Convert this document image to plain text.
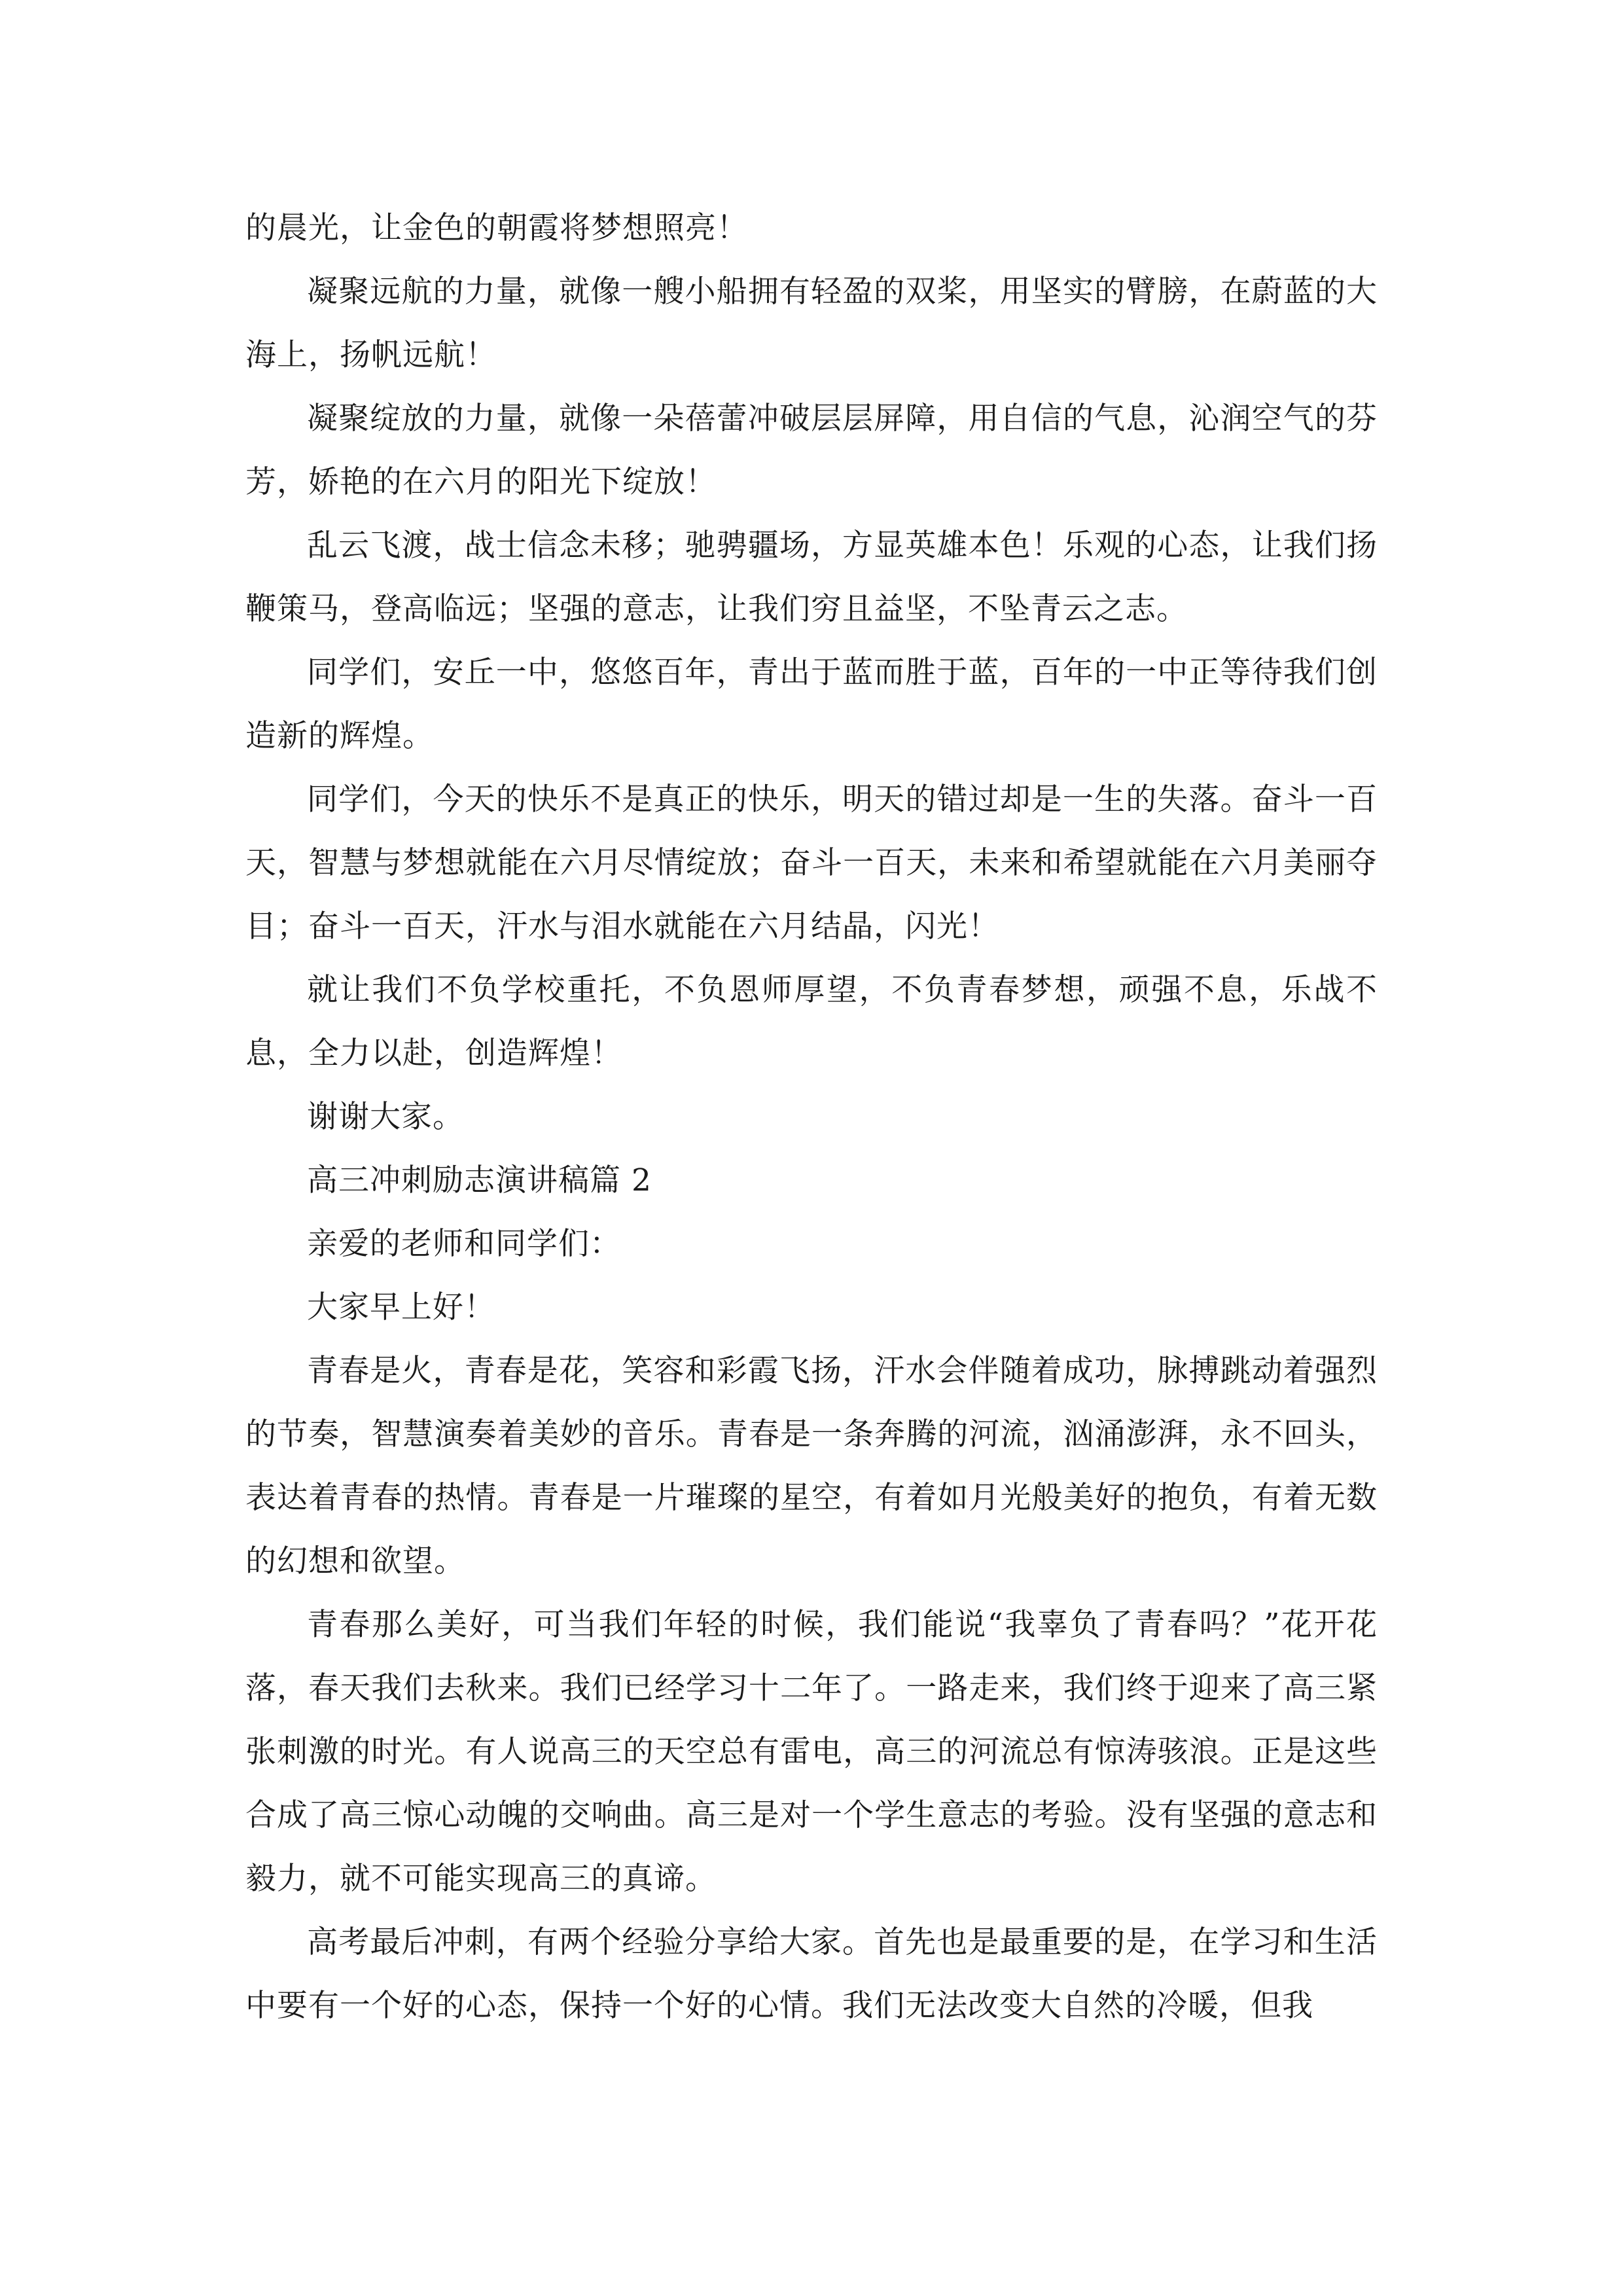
的晨光，让金色的朝霞将梦想照亮！

凝聚远航的力量，就像一艘小船拥有轻盈的双桨，用坚实的臂膀，在蔚蓝的大海上，扬帆远航！

凝聚绽放的力量，就像一朵蓓蕾冲破层层屏障，用自信的气息，沁润空气的芬芳，娇艳的在六月的阳光下绽放！

乱云飞渡，战士信念未移；驰骋疆场，方显英雄本色！乐观的心态，让我们扬鞭策马，登高临远；坚强的意志，让我们穷且益坚，不坠青云之志。

同学们，安丘一中，悠悠百年，青出于蓝而胜于蓝，百年的一中正等待我们创造新的辉煌。

同学们，今天的快乐不是真正的快乐，明天的错过却是一生的失落。奋斗一百天，智慧与梦想就能在六月尽情绽放；奋斗一百天，未来和希望就能在六月美丽夺目；奋斗一百天，汗水与泪水就能在六月结晶，闪光！

就让我们不负学校重托，不负恩师厚望，不负青春梦想，顽强不息，乐战不息，全力以赴，创造辉煌！

谢谢大家。

高三冲刺励志演讲稿篇 2

亲爱的老师和同学们：

大家早上好！

青春是火，青春是花，笑容和彩霞飞扬，汗水会伴随着成功，脉搏跳动着强烈的节奏，智慧演奏着美妙的音乐。青春是一条奔腾的河流，汹涌澎湃，永不回头，表达着青春的热情。青春是一片璀璨的星空，有着如月光般美好的抱负，有着无数的幻想和欲望。

青春那么美好，可当我们年轻的时候，我们能说“我辜负了青春吗？”花开花落，春天我们去秋来。我们已经学习十二年了。一路走来，我们终于迎来了高三紧张刺激的时光。有人说高三的天空总有雷电，高三的河流总有惊涛骇浪。正是这些合成了高三惊心动魄的交响曲。高三是对一个学生意志的考验。没有坚强的意志和毅力，就不可能实现高三的真谛。

高考最后冲刺，有两个经验分享给大家。首先也是最重要的是，在学习和生活中要有一个好的心态，保持一个好的心情。我们无法改变大自然的冷暖，但我
